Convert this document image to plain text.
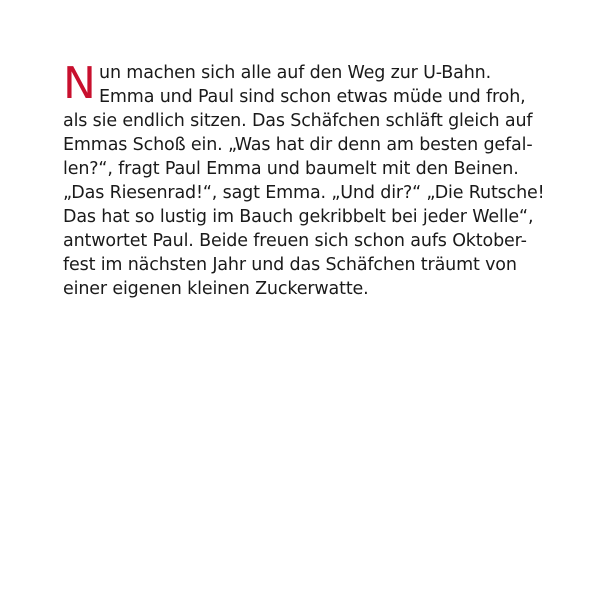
N un machen sich alle auf den Weg zur U-Bahn.
Emma und Paul sind schon etwas müde und froh,
als sie endlich sitzen. Das Schäfchen schläft gleich auf
Emmas Schoß ein. „Was hat dir denn am besten gefal-
len?“, fragt Paul Emma und baumelt mit den Beinen.
„Das Riesenrad!“, sagt Emma. „Und dir?“ „Die Rutsche!
Das hat so lustig im Bauch gekribbelt bei jeder Welle“,
antwortet Paul. Beide freuen sich schon aufs Oktober-
fest im nächsten Jahr und das Schäfchen träumt von
einer eigenen kleinen Zuckerwatte.
